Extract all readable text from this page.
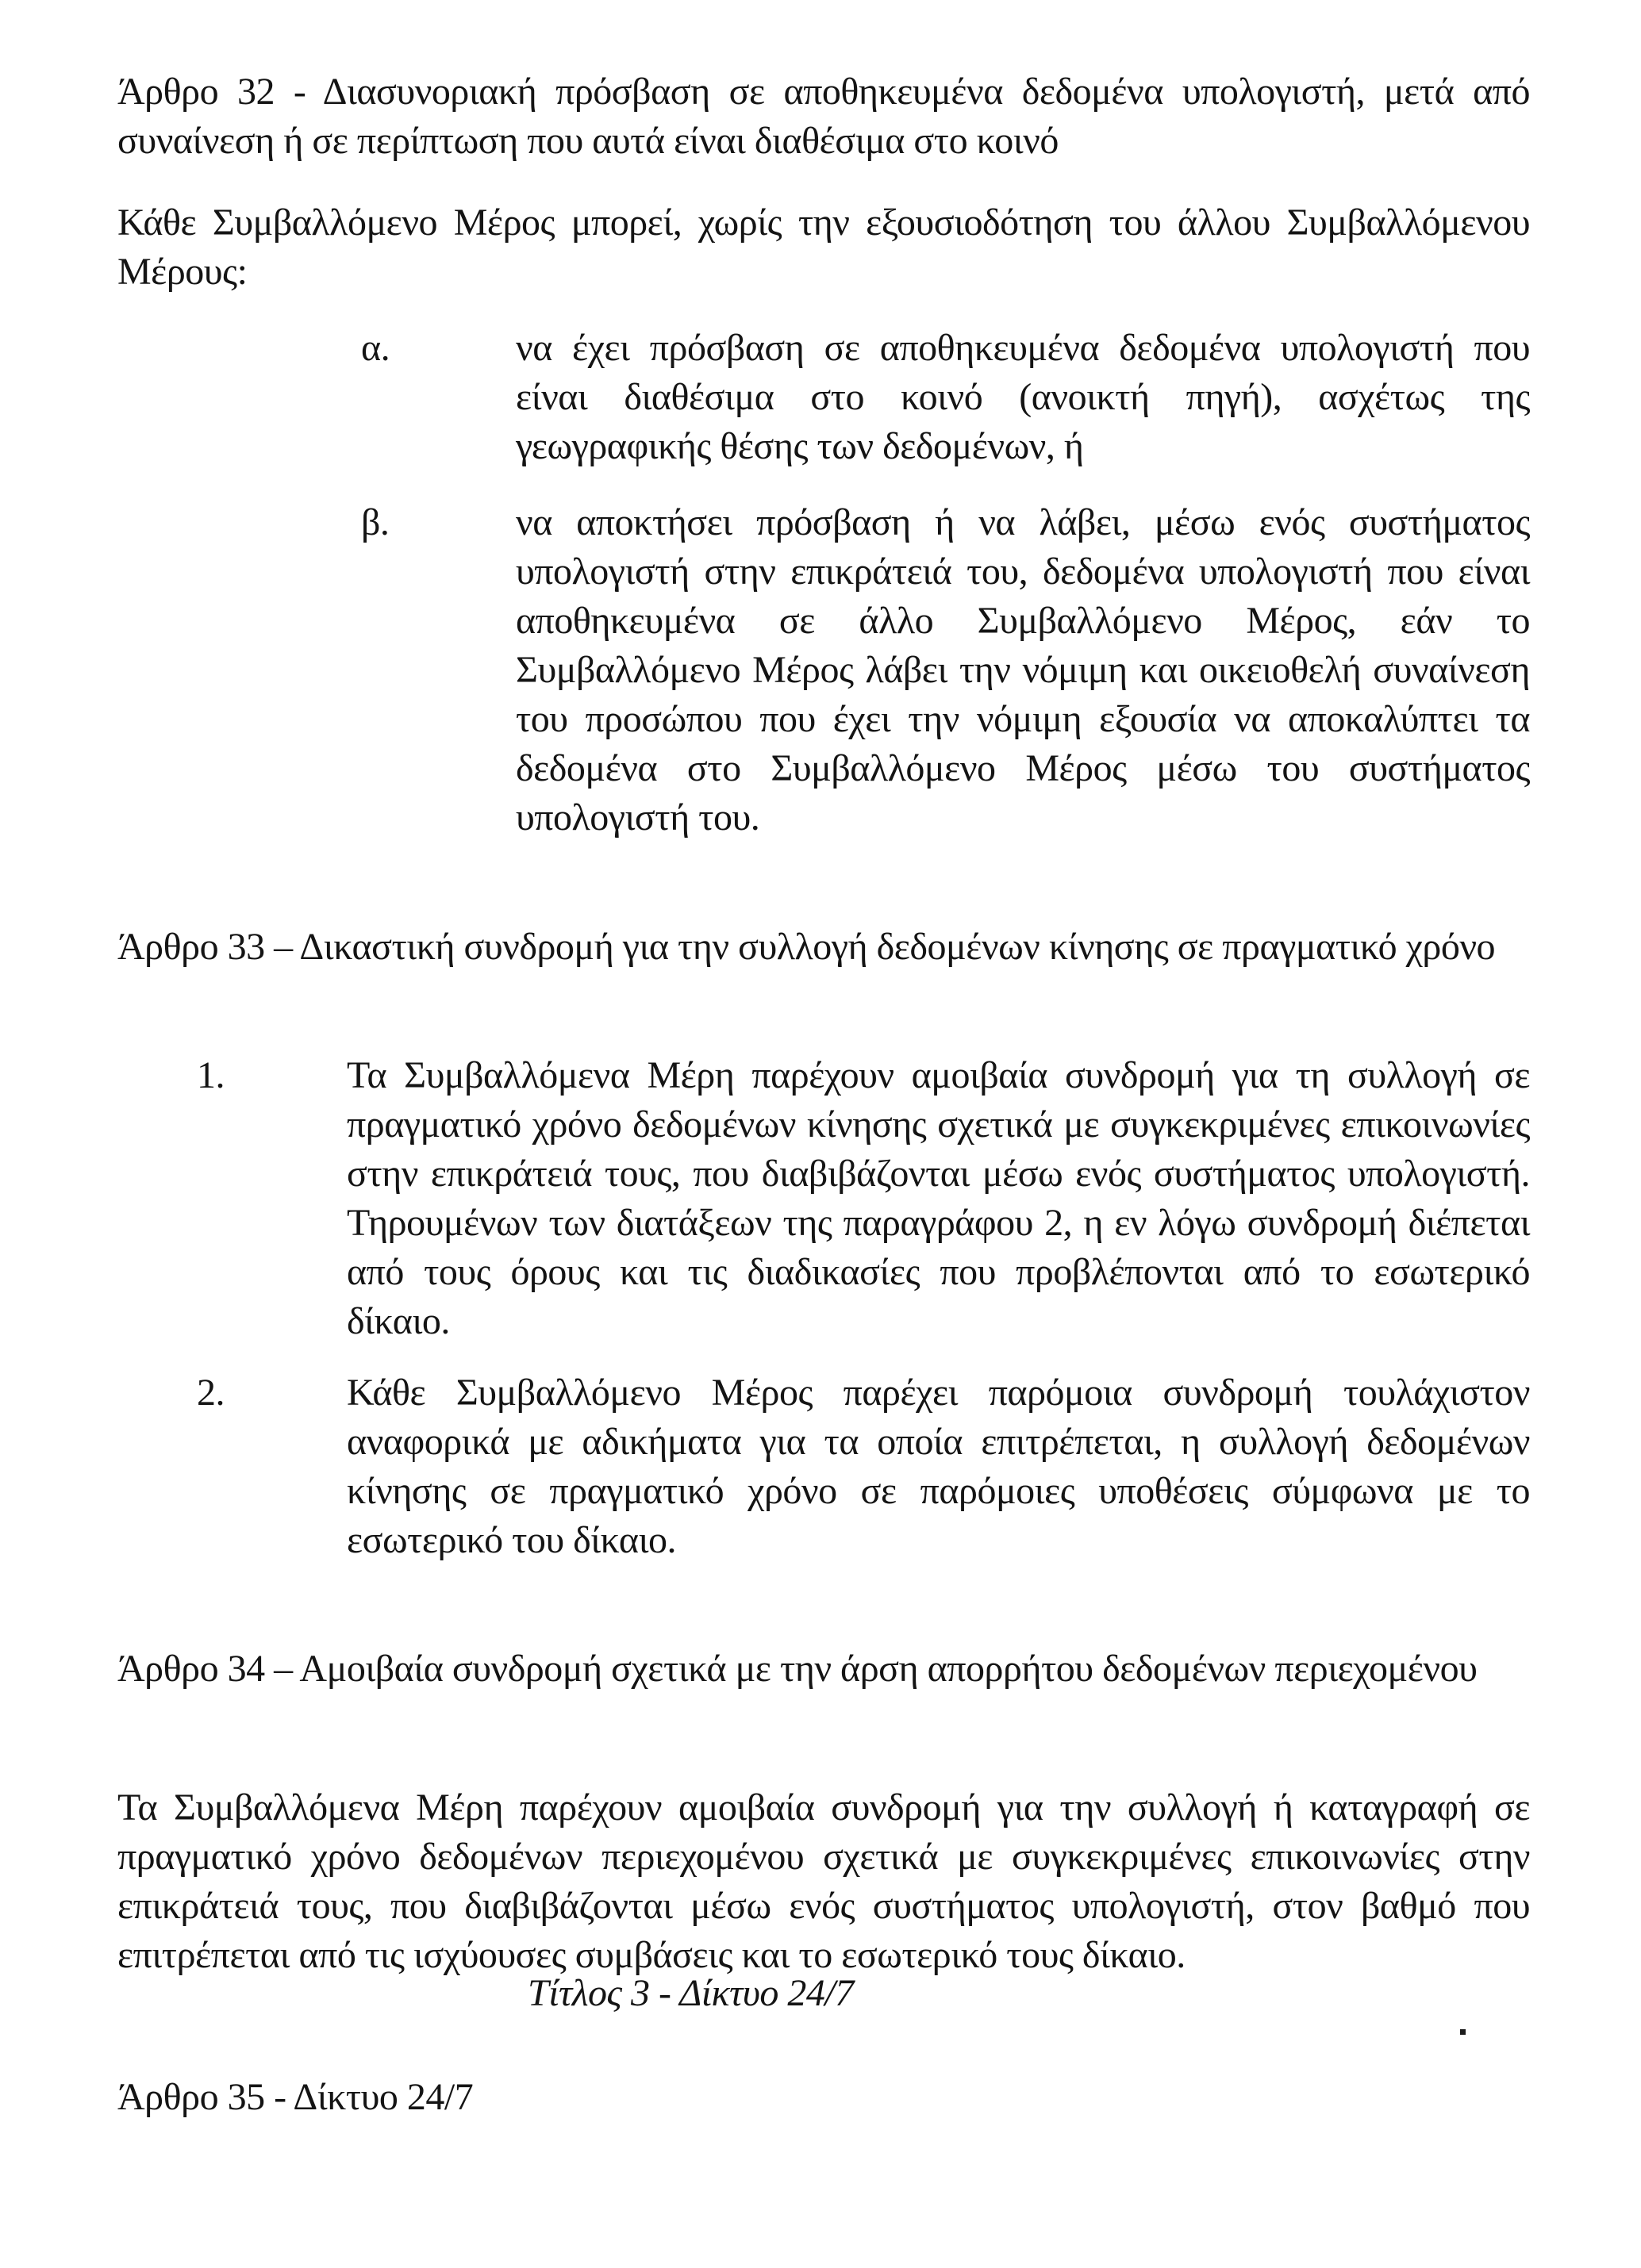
Άρθρο 32 - Διασυνοριακή πρόσβαση σε αποθηκευμένα δεδομένα υπολογιστή, μετά από συναίνεση ή σε περίπτωση που αυτά είναι διαθέσιμα στο κοινό
Κάθε Συμβαλλόμενο Μέρος μπορεί, χωρίς την εξουσιοδότηση του άλλου Συμβαλλόμενου Μέρους:
α.	να έχει πρόσβαση σε αποθηκευμένα δεδομένα υπολογιστή που είναι διαθέσιμα στο κοινό (ανοικτή πηγή), ασχέτως της γεωγραφικής θέσης των δεδομένων, ή
β.	να αποκτήσει πρόσβαση ή να λάβει, μέσω ενός συστήματος υπολογιστή στην επικράτειά του, δεδομένα υπολογιστή που είναι αποθηκευμένα σε άλλο Συμβαλλόμενο Μέρος, εάν το Συμβαλλόμενο Μέρος λάβει την νόμιμη και οικειοθελή συναίνεση του προσώπου που έχει την νόμιμη εξουσία να αποκαλύπτει τα δεδομένα στο Συμβαλλόμενο Μέρος μέσω του συστήματος υπολογιστή του.
Άρθρο 33 – Δικαστική συνδρομή για την συλλογή δεδομένων κίνησης σε πραγματικό χρόνο
1.	Τα Συμβαλλόμενα Μέρη παρέχουν αμοιβαία συνδρομή για τη συλλογή σε πραγματικό χρόνο δεδομένων κίνησης σχετικά με συγκεκριμένες επικοινωνίες στην επικράτειά τους, που διαβιβάζονται μέσω ενός συστήματος υπολογιστή. Τηρουμένων των διατάξεων της παραγράφου 2, η εν λόγω συνδρομή διέπεται από τους όρους και τις διαδικασίες που προβλέπονται από το εσωτερικό δίκαιο.
2.	Κάθε Συμβαλλόμενο Μέρος παρέχει παρόμοια συνδρομή τουλάχιστον αναφορικά με αδικήματα για τα οποία επιτρέπεται, η συλλογή δεδομένων κίνησης σε πραγματικό χρόνο σε παρόμοιες υποθέσεις σύμφωνα με το εσωτερικό του δίκαιο.
Άρθρο 34 – Αμοιβαία συνδρομή σχετικά με την άρση απορρήτου δεδομένων περιεχομένου
Τα Συμβαλλόμενα Μέρη παρέχουν αμοιβαία συνδρομή για την συλλογή ή καταγραφή σε πραγματικό χρόνο δεδομένων περιεχομένου σχετικά με συγκεκριμένες επικοινωνίες στην επικράτειά τους, που διαβιβάζονται μέσω ενός συστήματος υπολογιστή, στον βαθμό που επιτρέπεται από τις ισχύουσες συμβάσεις και το εσωτερικό τους δίκαιο.
Τίτλος 3 - Δίκτυο 24/7
Άρθρο 35 - Δίκτυο 24/7
